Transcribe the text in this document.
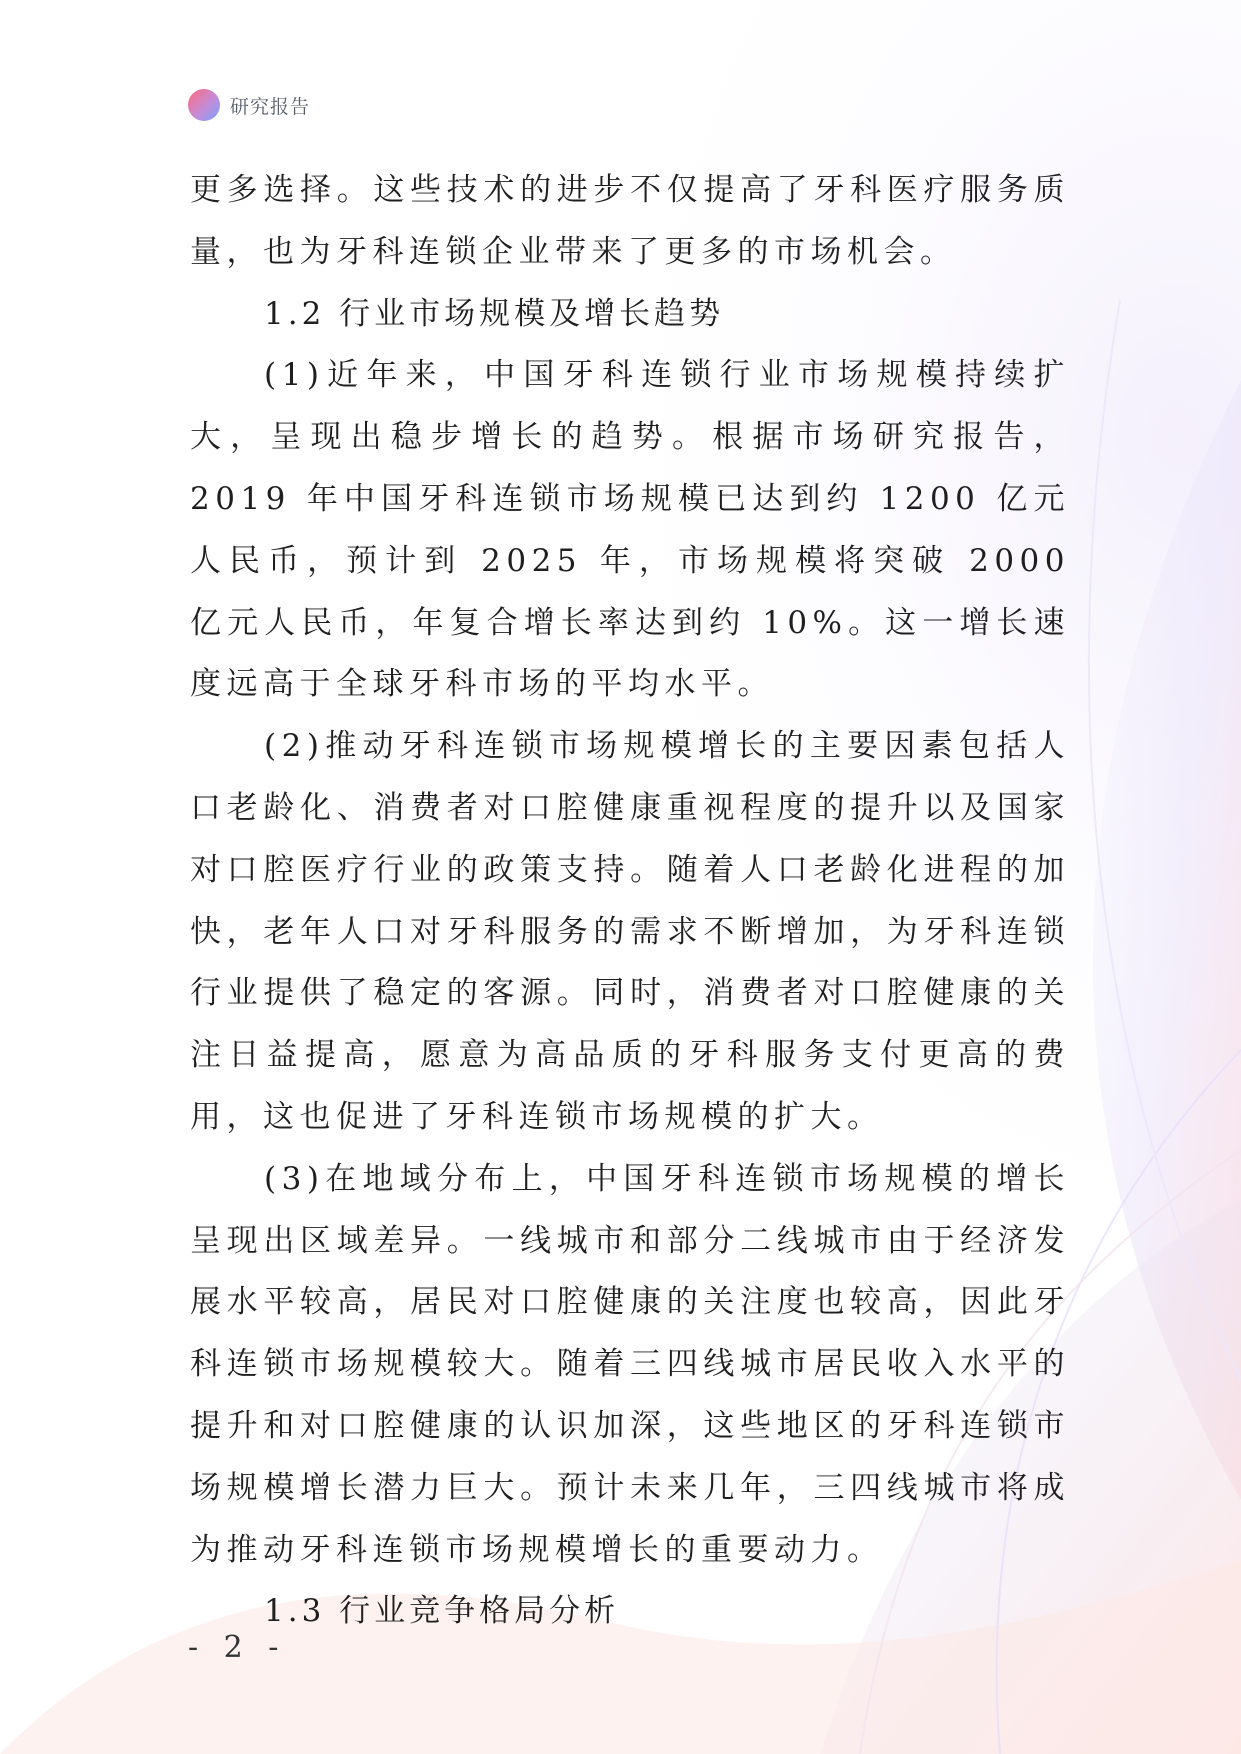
研究报告

更多选择。这些技术的进步不仅提高了牙科医疗服务质量，也为牙科连锁企业带来了更多的市场机会。

1.2 行业市场规模及增长趋势

(1)近年来，中国牙科连锁行业市场规模持续扩大，呈现出稳步增长的趋势。根据市场研究报告，2019 年中国牙科连锁市场规模已达到约 1200 亿元人民币，预计到 2025 年，市场规模将突破 2000 亿元人民币，年复合增长率达到约 10%。这一增长速度远高于全球牙科市场的平均水平。

(2)推动牙科连锁市场规模增长的主要因素包括人口老龄化、消费者对口腔健康重视程度的提升以及国家对口腔医疗行业的政策支持。随着人口老龄化进程的加快，老年人口对牙科服务的需求不断增加，为牙科连锁行业提供了稳定的客源。同时，消费者对口腔健康的关注日益提高，愿意为高品质的牙科服务支付更高的费用，这也促进了牙科连锁市场规模的扩大。

(3)在地域分布上，中国牙科连锁市场规模的增长呈现出区域差异。一线城市和部分二线城市由于经济发展水平较高，居民对口腔健康的关注度也较高，因此牙科连锁市场规模较大。随着三四线城市居民收入水平的提升和对口腔健康的认识加深，这些地区的牙科连锁市场规模增长潜力巨大。预计未来几年，三四线城市将成为推动牙科连锁市场规模增长的重要动力。

1.3 行业竞争格局分析

- 2 -
